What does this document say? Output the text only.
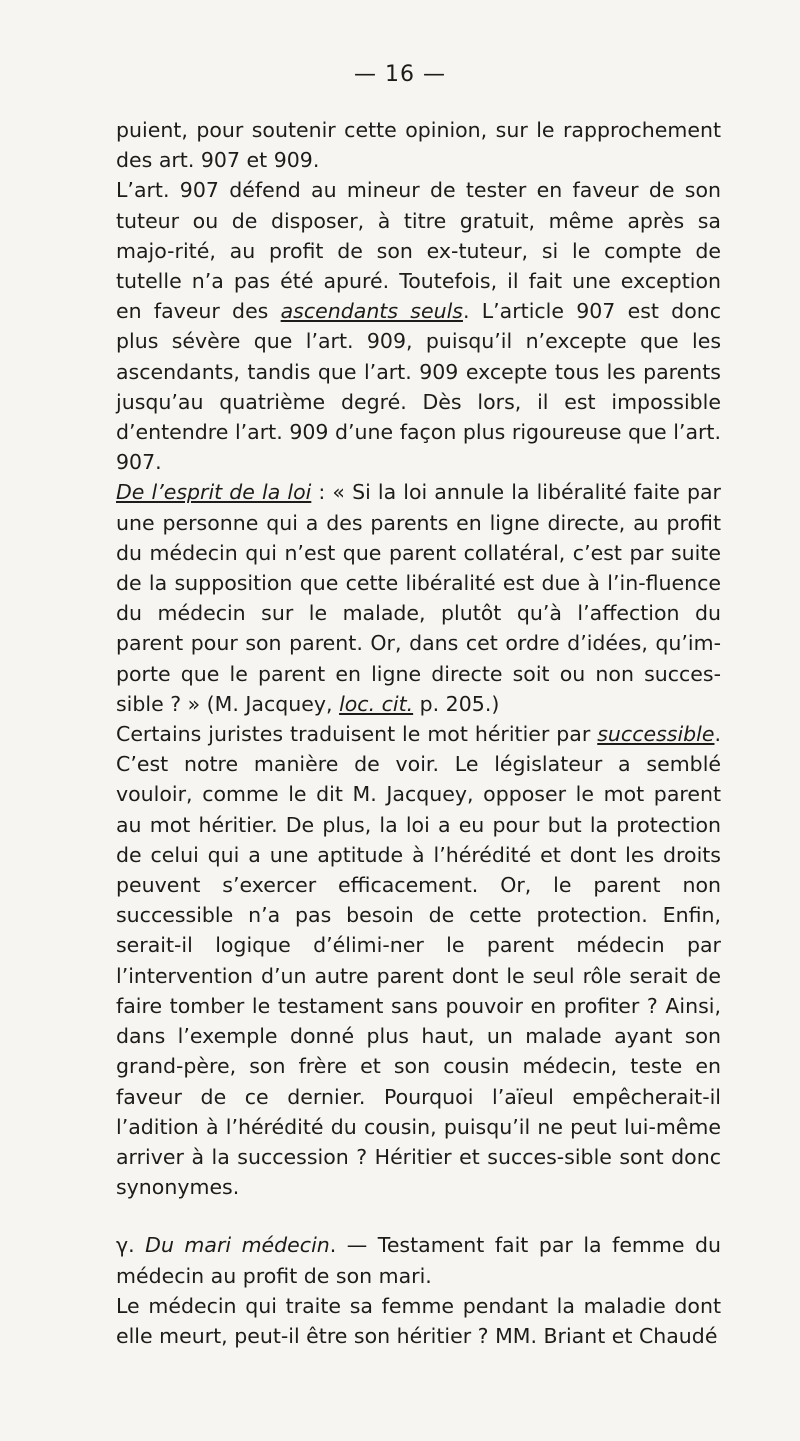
— 16 —

puient, pour soutenir cette opinion, sur le rapprochement des art. 907 et 909.

L’art. 907 défend au mineur de tester en faveur de son tuteur ou de disposer, à titre gratuit, même après sa majo-rité, au profit de son ex-tuteur, si le compte de tutelle n’a pas été apuré. Toutefois, il fait une exception en faveur des ascendants seuls. L’article 907 est donc plus sévère que l’art. 909, puisqu’il n’excepte que les ascendants, tandis que l’art. 909 excepte tous les parents jusqu’au quatrième degré. Dès lors, il est impossible d’entendre l’art. 909 d’une façon plus rigoureuse que l’art. 907.

De l’esprit de la loi : « Si la loi annule la libéralité faite par une personne qui a des parents en ligne directe, au profit du médecin qui n’est que parent collatéral, c’est par suite de la supposition que cette libéralité est due à l’in-fluence du médecin sur le malade, plutôt qu’à l’affection du parent pour son parent. Or, dans cet ordre d’idées, qu’im-porte que le parent en ligne directe soit ou non succes-sible ? » (M. Jacquey, loc. cit. p. 205.)

Certains juristes traduisent le mot héritier par successible. C’est notre manière de voir. Le législateur a semblé vouloir, comme le dit M. Jacquey, opposer le mot parent au mot héritier. De plus, la loi a eu pour but la protection de celui qui a une aptitude à l’hérédité et dont les droits peuvent s’exercer efficacement. Or, le parent non successible n’a pas besoin de cette protection. Enfin, serait-il logique d’élimi-ner le parent médecin par l’intervention d’un autre parent dont le seul rôle serait de faire tomber le testament sans pouvoir en profiter ? Ainsi, dans l’exemple donné plus haut, un malade ayant son grand-père, son frère et son cousin médecin, teste en faveur de ce dernier. Pourquoi l’aïeul empêcherait-il l’adition à l’hérédité du cousin, puisqu’il ne peut lui-même arriver à la succession ? Héritier et succes-sible sont donc synonymes.

γ. Du mari médecin. — Testament fait par la femme du médecin au profit de son mari.

Le médecin qui traite sa femme pendant la maladie dont elle meurt, peut-il être son héritier ? MM. Briant et Chaudé
